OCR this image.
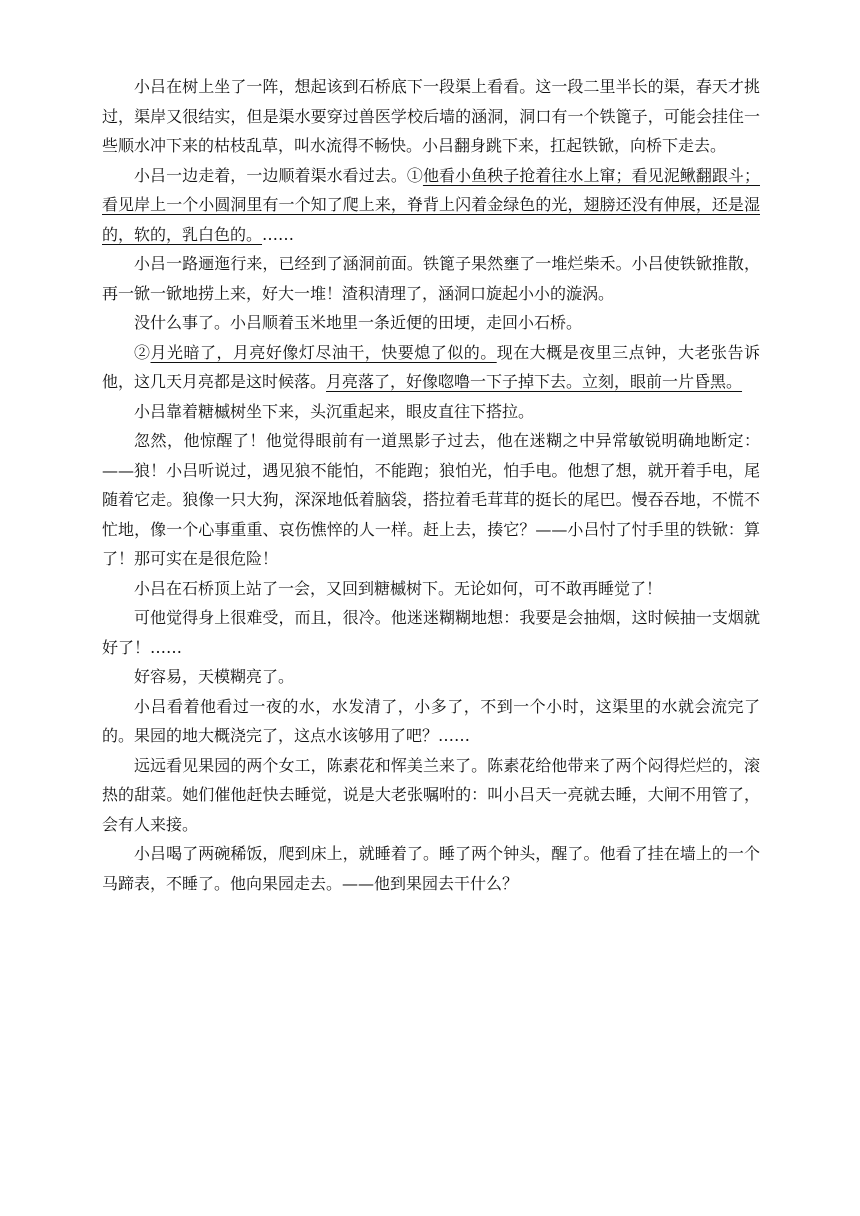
小吕在树上坐了一阵，想起该到石桥底下一段渠上看看。这一段二里半长的渠，春天才挑过，渠岸又很结实，但是渠水要穿过兽医学校后墙的涵洞，洞口有一个铁篦子，可能会挂住一些顺水冲下来的枯枝乱草，叫水流得不畅快。小吕翻身跳下来，扛起铁锨，向桥下走去。

小吕一边走着，一边顺着渠水看过去。①他看小鱼秧子抢着往水上窜；看见泥鳅翻跟斗；看见岸上一个小圆洞里有一个知了爬上来，脊背上闪着金绿色的光，翅膀还没有伸展，还是湿的，软的，乳白色的。……

小吕一路逦迤行来，已经到了涵洞前面。铁篦子果然壅了一堆烂柴禾。小吕使铁锨推散，再一锨一锨地捞上来，好大一堆！渣积清理了，涵洞口旋起小小的漩涡。

没什么事了。小吕顺着玉米地里一条近便的田埂，走回小石桥。

②月光暗了，月亮好像灯尽油干，快要熄了似的。现在大概是夜里三点钟，大老张告诉他，这几天月亮都是这时候落。月亮落了，好像唿噜一下子掉下去。立刻，眼前一片昏黑。

小吕靠着糖槭树坐下来，头沉重起来，眼皮直往下搭拉。

忽然，他惊醒了！他觉得眼前有一道黑影子过去，他在迷糊之中异常敏锐明确地断定：——狼！小吕听说过，遇见狼不能怕，不能跑；狼怕光，怕手电。他想了想，就开着手电，尾随着它走。狼像一只大狗，深深地低着脑袋，搭拉着毛茸茸的挺长的尾巴。慢吞吞地，不慌不忙地，像一个心事重重、哀伤憔悴的人一样。赶上去，揍它？——小吕忖了忖手里的铁锨：算了！那可实在是很危险！

小吕在石桥顶上站了一会，又回到糖槭树下。无论如何，可不敢再睡觉了！

可他觉得身上很难受，而且，很冷。他迷迷糊糊地想：我要是会抽烟，这时候抽一支烟就好了！……

好容易，天模糊亮了。

小吕看着他看过一夜的水，水发清了，小多了，不到一个小时，这渠里的水就会流完了的。果园的地大概浇完了，这点水该够用了吧？……

远远看见果园的两个女工，陈素花和恽美兰来了。陈素花给他带来了两个闷得烂烂的，滚热的甜菜。她们催他赶快去睡觉，说是大老张嘱咐的：叫小吕天一亮就去睡，大闸不用管了，会有人来接。

小吕喝了两碗稀饭，爬到床上，就睡着了。睡了两个钟头，醒了。他看了挂在墙上的一个马蹄表，不睡了。他向果园走去。——他到果园去干什么？
